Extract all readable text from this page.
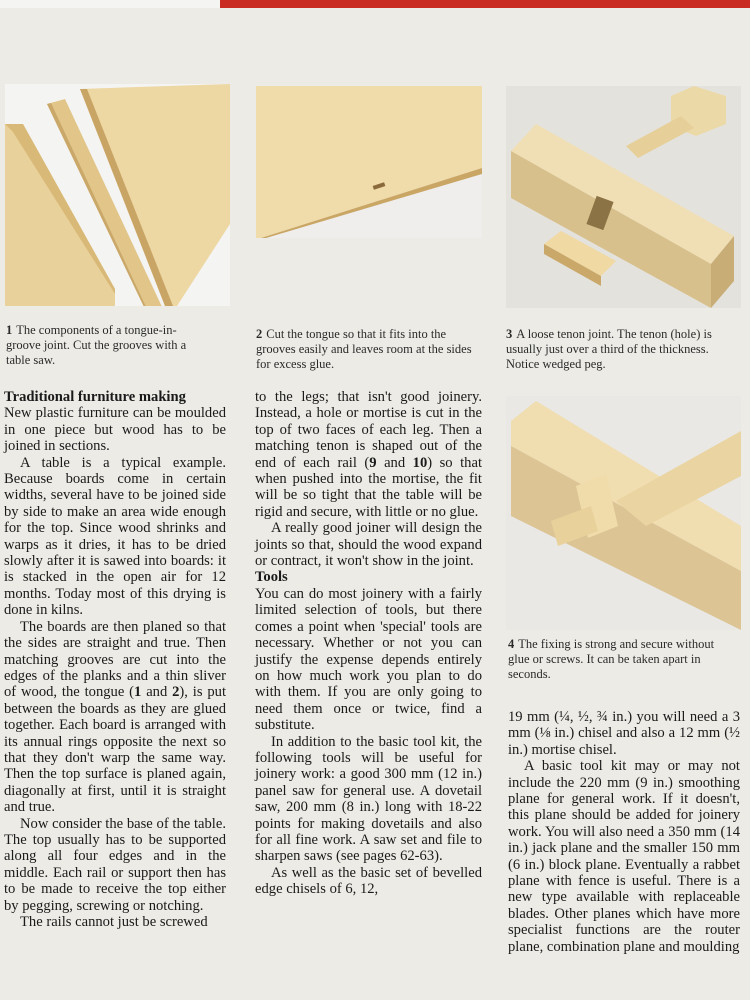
1 The components of a tongue-in-groove joint. Cut the grooves with a table saw.
2 Cut the tongue so that it fits into the grooves easily and leaves room at the sides for excess glue.
3 A loose tenon joint. The tenon (hole) is usually just over a third of the thickness. Notice wedged peg.
4 The fixing is strong and secure without glue or screws. It can be taken apart in seconds.
Traditional furniture making

New plastic furniture can be moulded in one piece but wood has to be joined in sections.

A table is a typical example. Because boards come in certain widths, several have to be joined side by side to make an area wide enough for the top. Since wood shrinks and warps as it dries, it has to be dried slowly after it is sawed into boards: it is stacked in the open air for 12 months. Today most of this drying is done in kilns.

The boards are then planed so that the sides are straight and true. Then matching grooves are cut into the edges of the planks and a thin sliver of wood, the tongue (1 and 2), is put between the boards as they are glued together. Each board is arranged with its annual rings opposite the next so that they don't warp the same way. Then the top surface is planed again, diagonally at first, until it is straight and true.

Now consider the base of the table. The top usually has to be supported along all four edges and in the middle. Each rail or support then has to be made to receive the top either by pegging, screwing or notching.

The rails cannot just be screwed

to the legs; that isn't good joinery. Instead, a hole or mortise is cut in the top of two faces of each leg. Then a matching tenon is shaped out of the end of each rail (9 and 10) so that when pushed into the mortise, the fit will be so tight that the table will be rigid and secure, with little or no glue.

A really good joiner will design the joints so that, should the wood expand or contract, it won't show in the joint.

Tools

You can do most joinery with a fairly limited selection of tools, but there comes a point when 'special' tools are necessary. Whether or not you can justify the expense depends entirely on how much work you plan to do with them. If you are only going to need them once or twice, find a substitute.

In addition to the basic tool kit, the following tools will be useful for joinery work: a good 300 mm (12 in.) panel saw for general use. A dovetail saw, 200 mm (8 in.) long with 18-22 points for making dovetails and also for all fine work. A saw set and file to sharpen saws (see pages 62-63).

As well as the basic set of bevelled edge chisels of 6, 12,

19 mm (¼, ½, ¾ in.) you will need a 3 mm (⅛ in.) chisel and also a 12 mm (½ in.) mortise chisel.

A basic tool kit may or may not include the 220 mm (9 in.) smoothing plane for general work. If it doesn't, this plane should be added for joinery work. You will also need a 350 mm (14 in.) jack plane and the smaller 150 mm (6 in.) block plane. Eventually a rabbet plane with fence is useful. There is a new type available with replaceable blades. Other planes which have more specialist functions are the router plane, combination plane and moulding
